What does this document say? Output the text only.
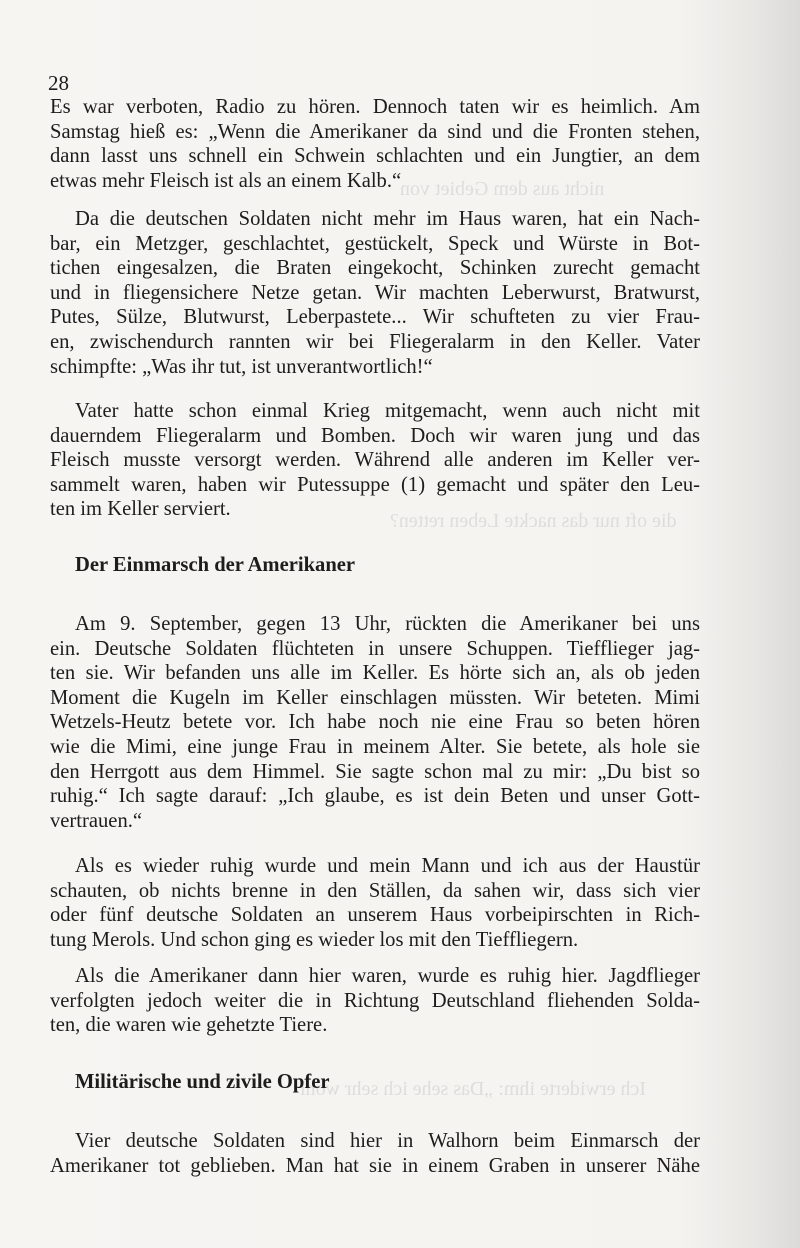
nicht aus dem Gebiet von
die oft nur das nackte Leben retten?
Ich erwiderte ihm: „Das sehe ich sehr wohl
28
Es war verboten, Radio zu hören. Dennoch taten wir es heimlich. Am
Samstag hieß es: „Wenn die Amerikaner da sind und die Fronten stehen,
dann lasst uns schnell ein Schwein schlachten und ein Jungtier, an dem
etwas mehr Fleisch ist als an einem Kalb.“
Da die deutschen Soldaten nicht mehr im Haus waren, hat ein Nach-
bar, ein Metzger, geschlachtet, gestückelt, Speck und Würste in Bot-
tichen eingesalzen, die Braten eingekocht, Schinken zurecht gemacht
und in fliegensichere Netze getan. Wir machten Leberwurst, Bratwurst,
Putes, Sülze, Blutwurst, Leberpastete... Wir schufteten zu vier Frau-
en, zwischendurch rannten wir bei Fliegeralarm in den Keller. Vater
schimpfte: „Was ihr tut, ist unverantwortlich!“
Vater hatte schon einmal Krieg mitgemacht, wenn auch nicht mit
dauerndem Fliegeralarm und Bomben. Doch wir waren jung und das
Fleisch musste versorgt werden. Während alle anderen im Keller ver-
sammelt waren, haben wir Putessuppe (1) gemacht und später den Leu-
ten im Keller serviert.
Der Einmarsch der Amerikaner
Am 9. September, gegen 13 Uhr, rückten die Amerikaner bei uns
ein. Deutsche Soldaten flüchteten in unsere Schuppen. Tiefflieger jag-
ten sie. Wir befanden uns alle im Keller. Es hörte sich an, als ob jeden
Moment die Kugeln im Keller einschlagen müssten. Wir beteten. Mimi
Wetzels-Heutz betete vor. Ich habe noch nie eine Frau so beten hören
wie die Mimi, eine junge Frau in meinem Alter. Sie betete, als hole sie
den Herrgott aus dem Himmel. Sie sagte schon mal zu mir: „Du bist so
ruhig.“ Ich sagte darauf: „Ich glaube, es ist dein Beten und unser Gott-
vertrauen.“
Als es wieder ruhig wurde und mein Mann und ich aus der Haustür
schauten, ob nichts brenne in den Ställen, da sahen wir, dass sich vier
oder fünf deutsche Soldaten an unserem Haus vorbeipirschten in Rich-
tung Merols. Und schon ging es wieder los mit den Tieffliegern.
Als die Amerikaner dann hier waren, wurde es ruhig hier. Jagdflieger
verfolgten jedoch weiter die in Richtung Deutschland fliehenden Solda-
ten, die waren wie gehetzte Tiere.
Militärische und zivile Opfer
Vier deutsche Soldaten sind hier in Walhorn beim Einmarsch der
Amerikaner tot geblieben. Man hat sie in einem Graben in unserer Nähe
